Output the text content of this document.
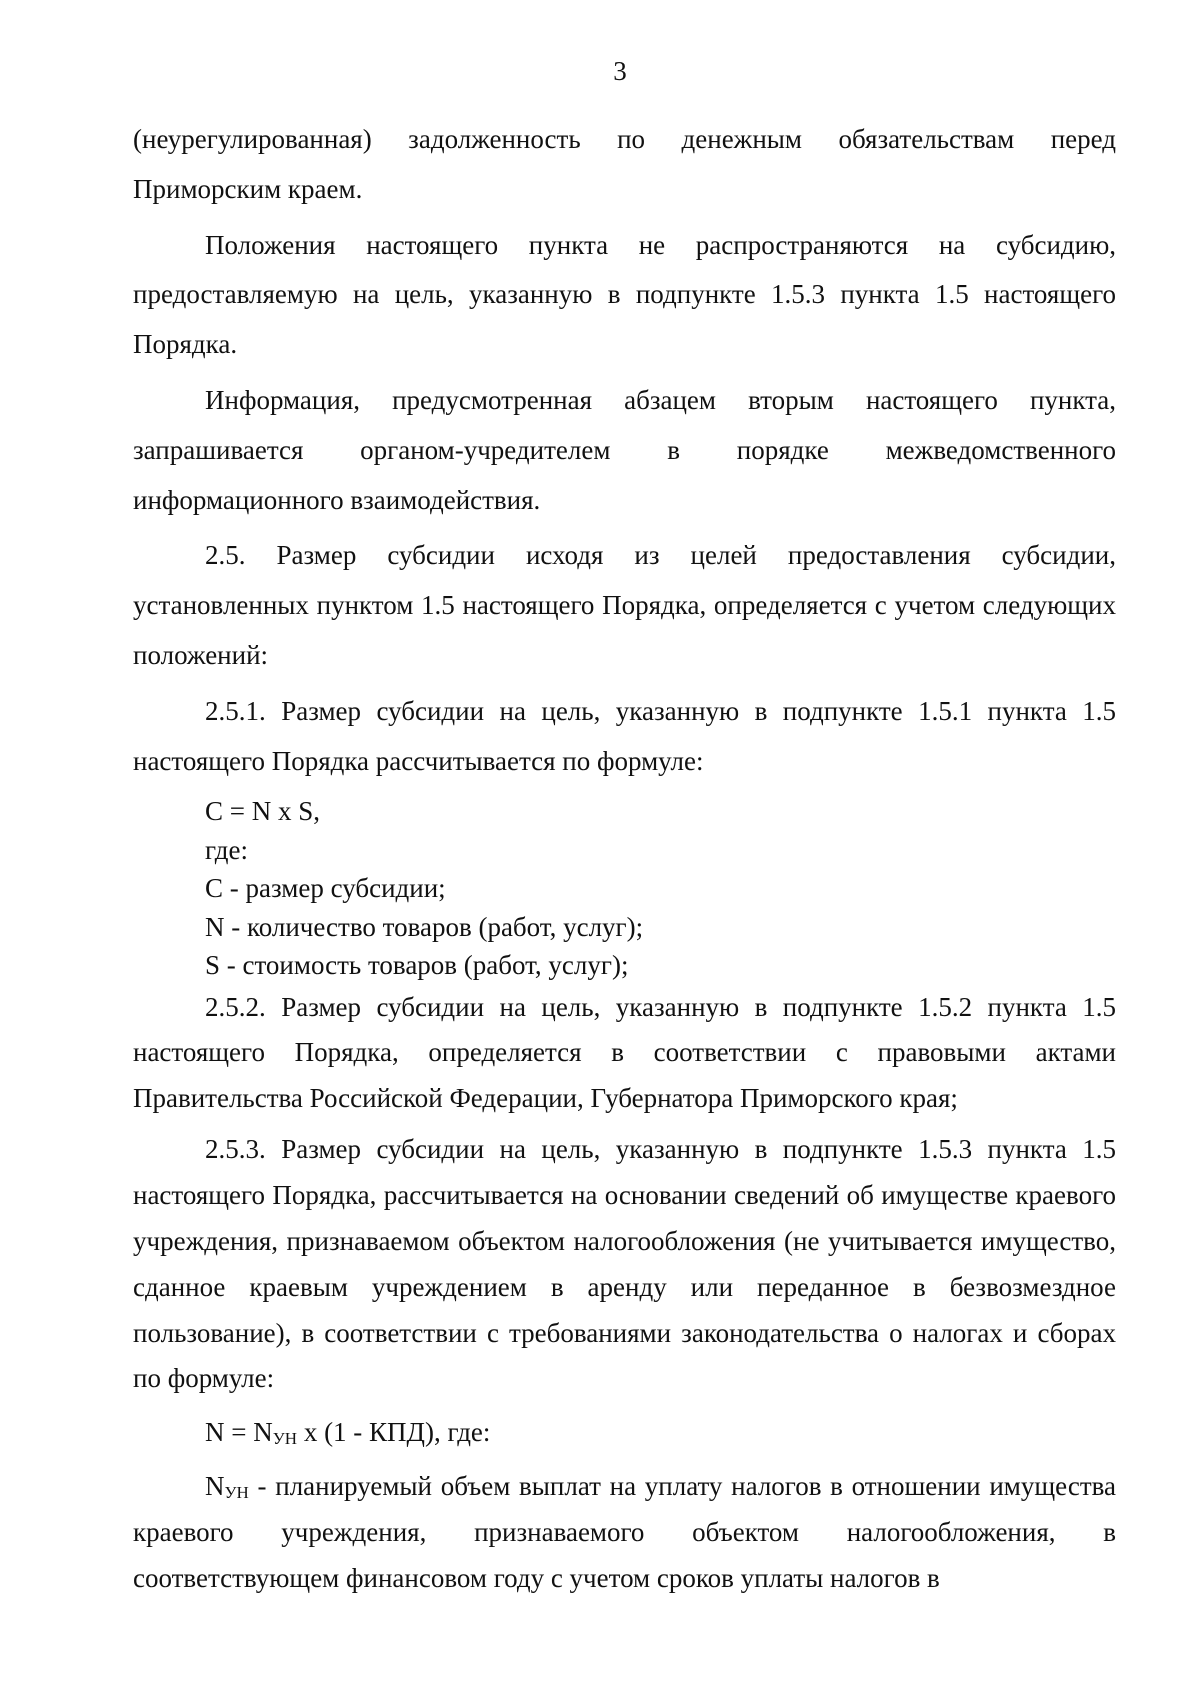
3

(неурегулированная) задолженность по денежным обязательствам перед Приморским краем.

Положения настоящего пункта не распространяются на субсидию, предоставляемую на цель, указанную в подпункте 1.5.3 пункта 1.5 настоящего Порядка.

Информация, предусмотренная абзацем вторым настоящего пункта, запрашивается органом-учредителем в порядке межведомственного информационного взаимодействия.

2.5. Размер субсидии исходя из целей предоставления субсидии, установленных пунктом 1.5 настоящего Порядка, определяется с учетом следующих положений:

2.5.1. Размер субсидии на цель, указанную в подпункте 1.5.1 пункта 1.5 настоящего Порядка рассчитывается по формуле:

C = N x S,
где:
C - размер субсидии;
N - количество товаров (работ, услуг);
S - стоимость товаров (работ, услуг);

2.5.2. Размер субсидии на цель, указанную в подпункте 1.5.2 пункта 1.5 настоящего Порядка, определяется в соответствии с правовыми актами Правительства Российской Федерации, Губернатора Приморского края;

2.5.3. Размер субсидии на цель, указанную в подпункте 1.5.3 пункта 1.5 настоящего Порядка, рассчитывается на основании сведений об имуществе краевого учреждения, признаваемом объектом налогообложения (не учитывается имущество, сданное краевым учреждением в аренду или переданное в безвозмездное пользование), в соответствии с требованиями законодательства о налогах и сборах по формуле:

$N = N_{УН}$ x (1 - КПД), где:

$N_{УН}$ - планируемый объем выплат на уплату налогов в отношении имущества краевого учреждения, признаваемого объектом налогообложения, в соответствующем финансовом году с учетом сроков уплаты налогов в
